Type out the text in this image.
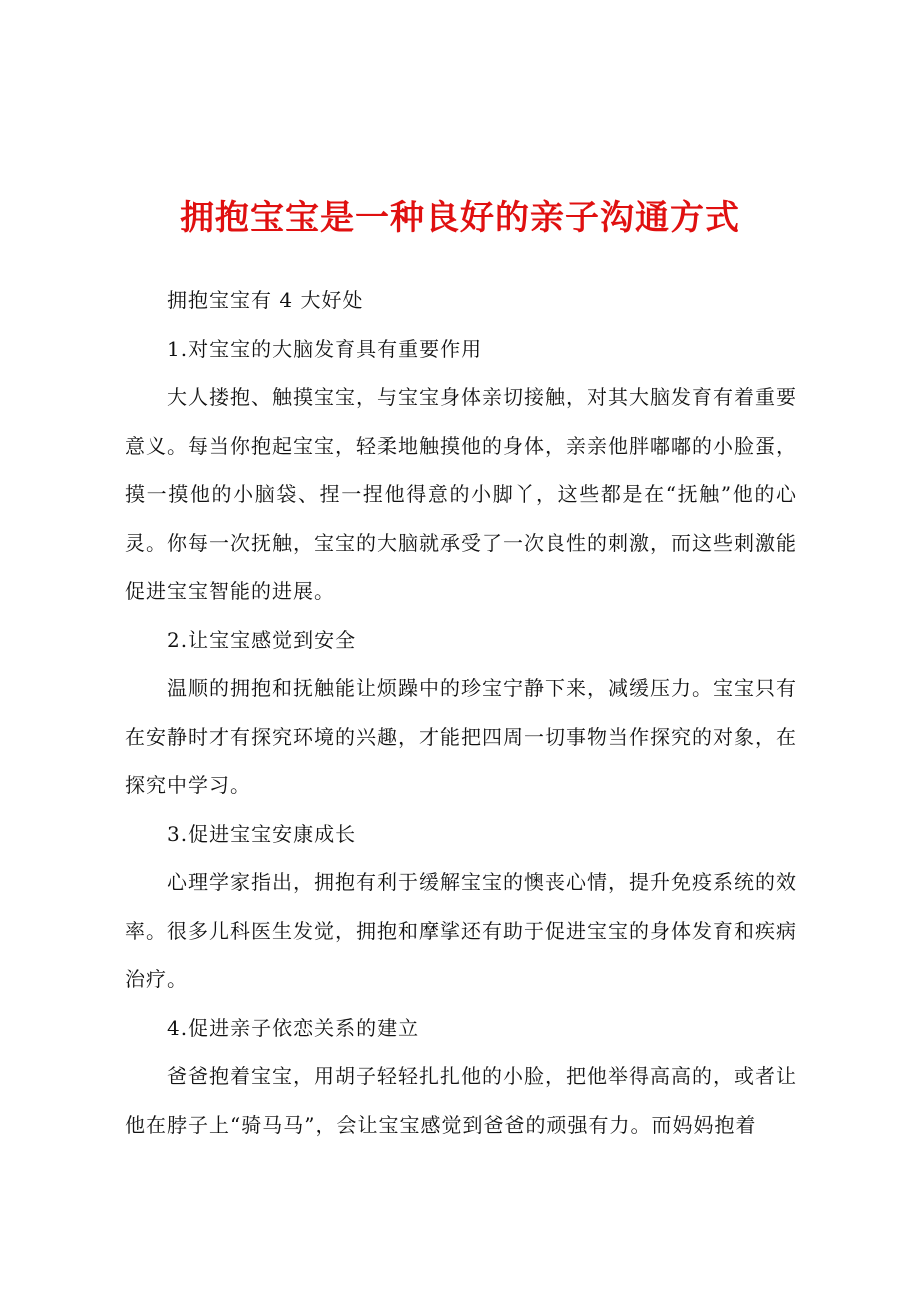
拥抱宝宝是一种良好的亲子沟通方式

拥抱宝宝有 4 大好处

1.对宝宝的大脑发育具有重要作用

大人搂抱、触摸宝宝，与宝宝身体亲切接触，对其大脑发育有着重要意义。每当你抱起宝宝，轻柔地触摸他的身体，亲亲他胖嘟嘟的小脸蛋，摸一摸他的小脑袋、捏一捏他得意的小脚丫，这些都是在“抚触”他的心灵。你每一次抚触，宝宝的大脑就承受了一次良性的刺激，而这些刺激能促进宝宝智能的进展。

2.让宝宝感觉到安全

温顺的拥抱和抚触能让烦躁中的珍宝宁静下来，减缓压力。宝宝只有在安静时才有探究环境的兴趣，才能把四周一切事物当作探究的对象，在探究中学习。

3.促进宝宝安康成长

心理学家指出，拥抱有利于缓解宝宝的懊丧心情，提升免疫系统的效率。很多儿科医生发觉，拥抱和摩挲还有助于促进宝宝的身体发育和疾病治疗。

4.促进亲子依恋关系的建立

爸爸抱着宝宝，用胡子轻轻扎扎他的小脸，把他举得高高的，或者让他在脖子上“骑马马”，会让宝宝感觉到爸爸的顽强有力。而妈妈抱着
